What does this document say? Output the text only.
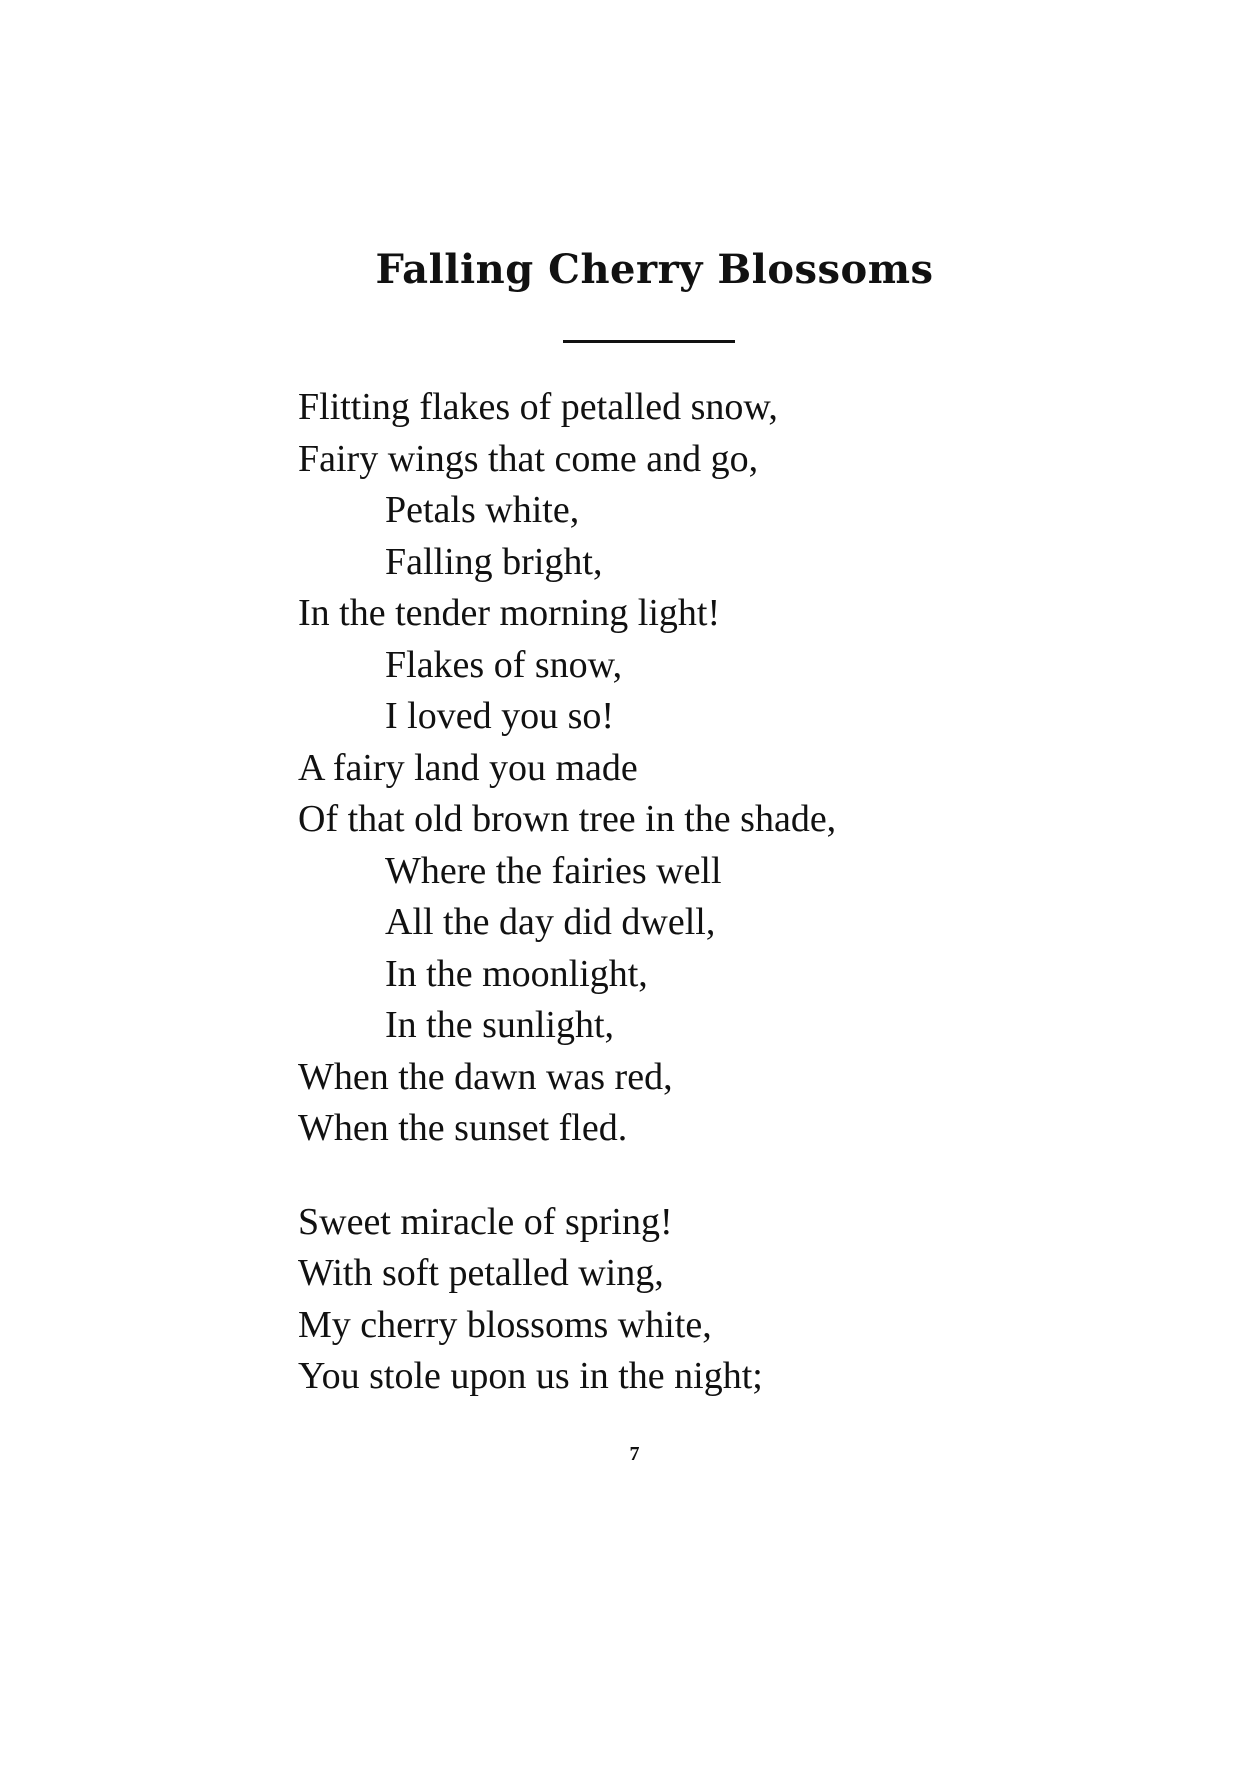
Falling Cherry Blossoms
Flitting flakes of petalled snow,
Fairy wings that come and go,
Petals white,
Falling bright,
In the tender morning light!
Flakes of snow,
I loved you so!
A fairy land you made
Of that old brown tree in the shade,
Where the fairies well
All the day did dwell,
In the moonlight,
In the sunlight,
When the dawn was red,
When the sunset fled.
Sweet miracle of spring!
With soft petalled wing,
My cherry blossoms white,
You stole upon us in the night;
7
